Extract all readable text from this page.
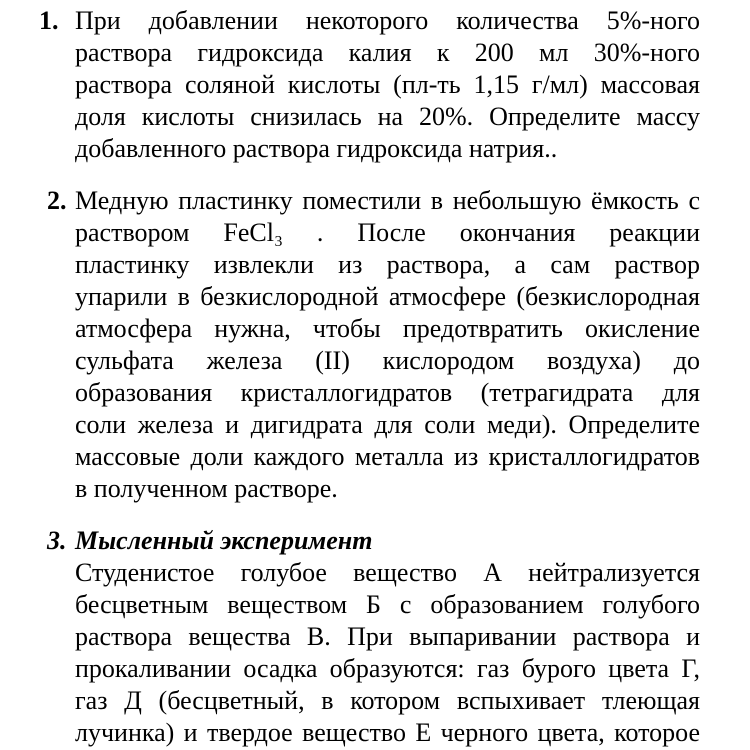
1. При добавлении некоторого количества 5%-ного
раствора гидроксида калия к 200 мл 30%-ного
раствора соляной кислоты (пл-ть 1,15 г/мл) массовая
доля кислоты снизилась на 20%. Определите массу
добавленного раствора гидроксида натрия..
2. Медную пластинку поместили в небольшую ёмкость с
раствором FeCl₃ . После окончания реакции
пластинку извлекли из раствора, а сам раствор
упарили в безкислородной атмосфере (безкислородная
атмосфера нужна, чтобы предотвратить окисление
сульфата железа (II) кислородом воздуха) до
образования кристаллогидратов (тетрагидрата для
соли железа и дигидрата для соли меди). Определите
массовые доли каждого металла из кристаллогидратов
в полученном растворе.
3. Мысленный эксперимент
Студенистое голубое вещество А нейтрализуется
бесцветным веществом Б с образованием голубого
раствора вещества В. При выпаривании раствора и
прокаливании осадка образуются: газ бурого цвета Г,
газ Д (бесцветный, в котором вспыхивает тлеющая
лучинка) и твердое вещество Е черного цвета, которое
